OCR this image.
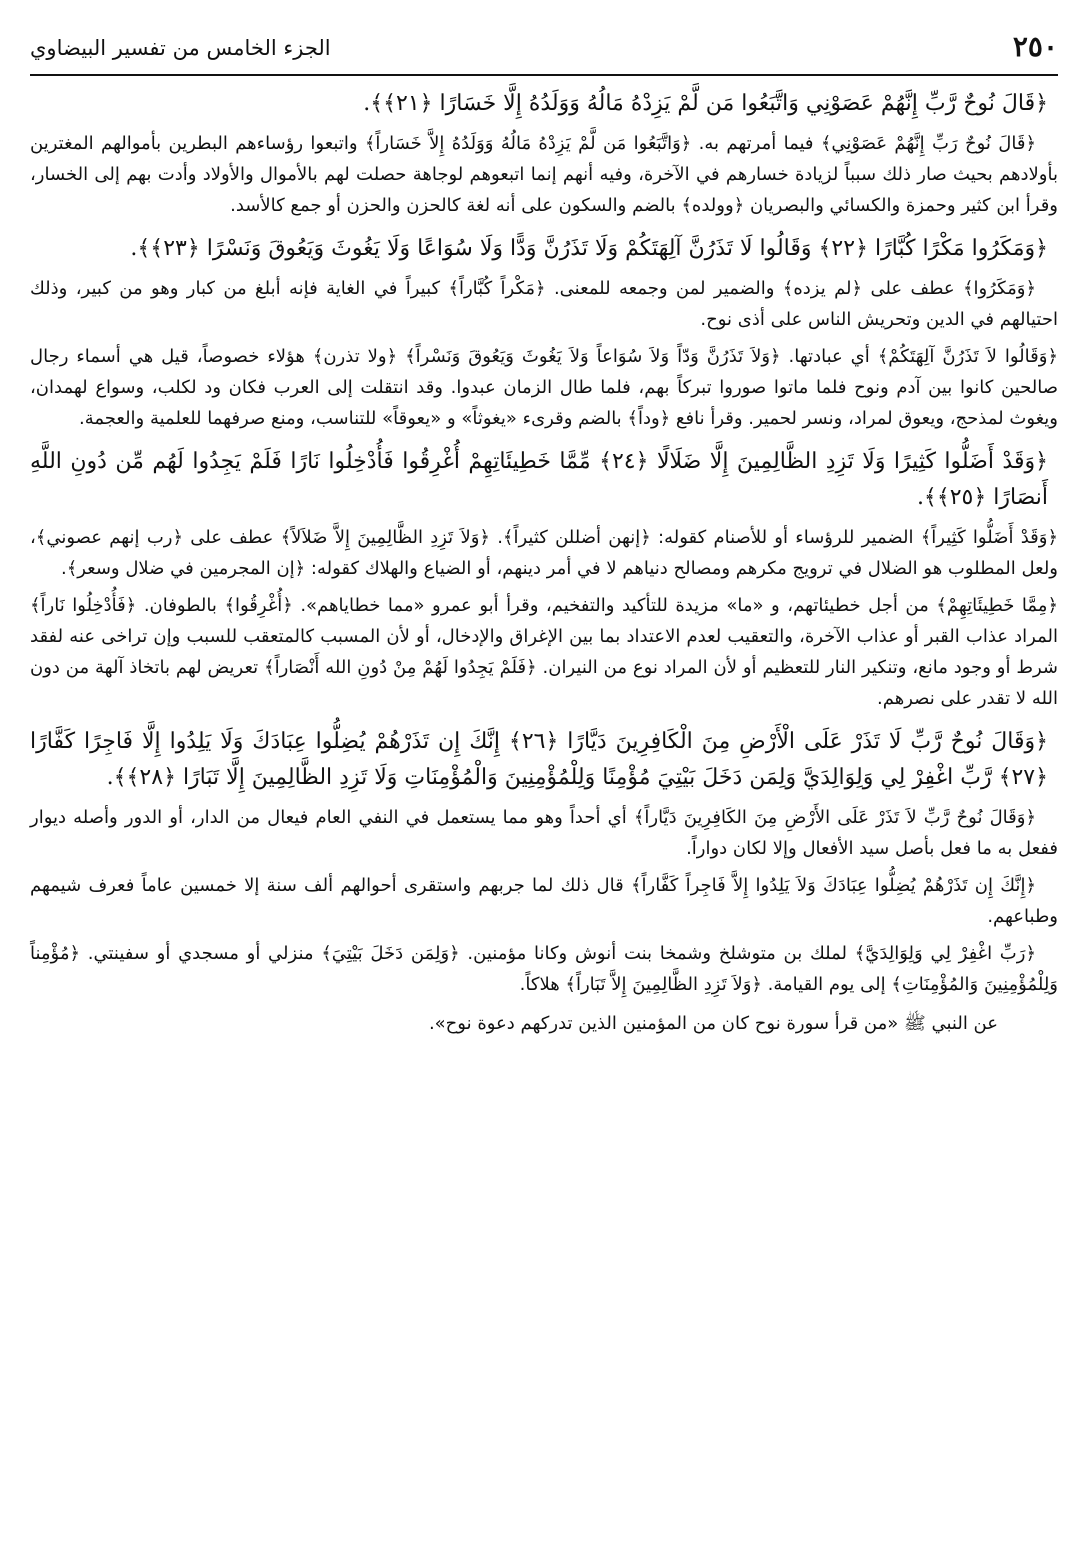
٢٥٠
الجزء الخامس من تفسير البيضاوي
﴿قَالَ نُوحٌ رَّبِّ إِنَّهُمْ عَصَوْنِي وَاتَّبَعُوا مَن لَّمْ يَزِدْهُ مَالُهُ وَوَلَدُهُ إِلَّا خَسَارًا ﴿٢١﴾﴾.
﴿قَالَ نُوحٌ رَبِّ إِنَّهُمْ عَصَوْنِي﴾ فيما أمرتهم به. ﴿وَاتَّبَعُوا مَن لَّمْ يَزِدْهُ مَالُهُ وَوَلَدُهُ إِلاَّ خَسَاراً﴾ واتبعوا رؤساءهم البطرين بأموالهم المغترين بأولادهم بحيث صار ذلك سبباً لزيادة خسارهم في الآخرة، وفيه أنهم إنما اتبعوهم لوجاهة حصلت لهم بالأموال والأولاد وأدت بهم إلى الخسار، وقرأ ابن كثير وحمزة والكسائي والبصريان ﴿وولده﴾ بالضم والسكون على أنه لغة كالحزن والحزن أو جمع كالأسد.
﴿وَمَكَرُوا مَكْرًا كُبَّارًا ﴿٢٢﴾ وَقَالُوا لَا تَذَرُنَّ آلِهَتَكُمْ وَلَا تَذَرُنَّ وَدًّا وَلَا سُوَاعًا وَلَا يَغُوثَ وَيَعُوقَ وَنَسْرًا ﴿٢٣﴾﴾.
﴿وَمَكَرُوا﴾ عطف على ﴿لم يزده﴾ والضمير لمن وجمعه للمعنى. ﴿مَكْراً كُبَّاراً﴾ كبيراً في الغاية فإنه أبلغ من كبار وهو من كبير، وذلك احتيالهم في الدين وتحريش الناس على أذى نوح.
﴿وَقَالُوا لاَ تَذَرُنَّ آلِهَتَكُمْ﴾ أي عبادتها. ﴿وَلاَ تَذَرُنَّ وَدّاً وَلاَ سُوَاعاً وَلاَ يَغُوثَ وَيَعُوقَ وَنَسْراً﴾ ﴿ولا تذرن﴾ هؤلاء خصوصاً، قيل هي أسماء رجال صالحين كانوا بين آدم ونوح فلما ماتوا صوروا تبركاً بهم، فلما طال الزمان عبدوا. وقد انتقلت إلى العرب فكان ود لكلب، وسواع لهمدان، ويغوث لمذحج، ويعوق لمراد، ونسر لحمير. وقرأ نافع ﴿وداً﴾ بالضم وقرىء «يغوثاً» و «يعوقاً» للتناسب، ومنع صرفهما للعلمية والعجمة.
﴿وَقَدْ أَضَلُّوا كَثِيرًا وَلَا تَزِدِ الظَّالِمِينَ إِلَّا ضَلَالًا ﴿٢٤﴾ مِّمَّا خَطِيئَاتِهِمْ أُغْرِقُوا فَأُدْخِلُوا نَارًا فَلَمْ يَجِدُوا لَهُم مِّن دُونِ اللَّهِ أَنصَارًا ﴿٢٥﴾﴾.
﴿وَقَدْ أَضَلُّوا كَثِيراً﴾ الضمير للرؤساء أو للأصنام كقوله: ﴿إنهن أضللن كثيراً﴾. ﴿وَلاَ تَزِدِ الظَّالِمِينَ إِلاَّ ضَلاَلاً﴾ عطف على ﴿رب إنهم عصوني﴾، ولعل المطلوب هو الضلال في ترويج مكرهم ومصالح دنياهم لا في أمر دينهم، أو الضياع والهلاك كقوله: ﴿إن المجرمين في ضلال وسعر﴾.
﴿مِمَّا خَطِيئَاتِهِمْ﴾ من أجل خطيئاتهم، و «ما» مزيدة للتأكيد والتفخيم، وقرأ أبو عمرو «مما خطاياهم». ﴿أُغْرِقُوا﴾ بالطوفان. ﴿فَأُدْخِلُوا نَاراً﴾ المراد عذاب القبر أو عذاب الآخرة، والتعقيب لعدم الاعتداد بما بين الإغراق والإدخال، أو لأن المسبب كالمتعقب للسبب وإن تراخى عنه لفقد شرط أو وجود مانع، وتنكير النار للتعظيم أو لأن المراد نوع من النيران. ﴿فَلَمْ يَجِدُوا لَهُمْ مِنْ دُونِ الله أَنْصَاراً﴾ تعريض لهم باتخاذ آلهة من دون الله لا تقدر على نصرهم.
﴿وَقَالَ نُوحٌ رَّبِّ لَا تَذَرْ عَلَى الْأَرْضِ مِنَ الْكَافِرِينَ دَيَّارًا ﴿٢٦﴾ إِنَّكَ إِن تَذَرْهُمْ يُضِلُّوا عِبَادَكَ وَلَا يَلِدُوا إِلَّا فَاجِرًا كَفَّارًا ﴿٢٧﴾ رَّبِّ اغْفِرْ لِي وَلِوَالِدَيَّ وَلِمَن دَخَلَ بَيْتِيَ مُؤْمِنًا وَلِلْمُؤْمِنِينَ وَالْمُؤْمِنَاتِ وَلَا تَزِدِ الظَّالِمِينَ إِلَّا تَبَارًا ﴿٢٨﴾﴾.
﴿وَقَالَ نُوحٌ رَّبِّ لاَ تَذَرْ عَلَى الأَرْضِ مِنَ الكَافِرِينَ دَيَّاراً﴾ أي أحداً وهو مما يستعمل في النفي العام فيعال من الدار، أو الدور وأصله ديوار ففعل به ما فعل بأصل سيد الأفعال وإلا لكان دواراً.
﴿إِنَّكَ إِن تَذَرْهُمْ يُضِلُّوا عِبَادَكَ وَلاَ يَلِدُوا إِلاَّ فَاجِراً كَفَّاراً﴾ قال ذلك لما جربهم واستقرى أحوالهم ألف سنة إلا خمسين عاماً فعرف شيمهم وطباعهم.
﴿رَبِّ اغْفِرْ لِي وَلِوَالِدَيَّ﴾ لملك بن متوشلخ وشمخا بنت أنوش وكانا مؤمنين. ﴿وَلِمَن دَخَلَ بَيْتِيَ﴾ منزلي أو مسجدي أو سفينتي. ﴿مُؤْمِناً وَلِلْمُؤْمِنِينَ وَالمُؤْمِنَاتِ﴾ إلى يوم القيامة. ﴿وَلاَ تَزِدِ الظَّالِمِينَ إِلاَّ تَبَاراً﴾ هلاكاً.
عن النبي ﷺ «من قرأ سورة نوح كان من المؤمنين الذين تدركهم دعوة نوح».
